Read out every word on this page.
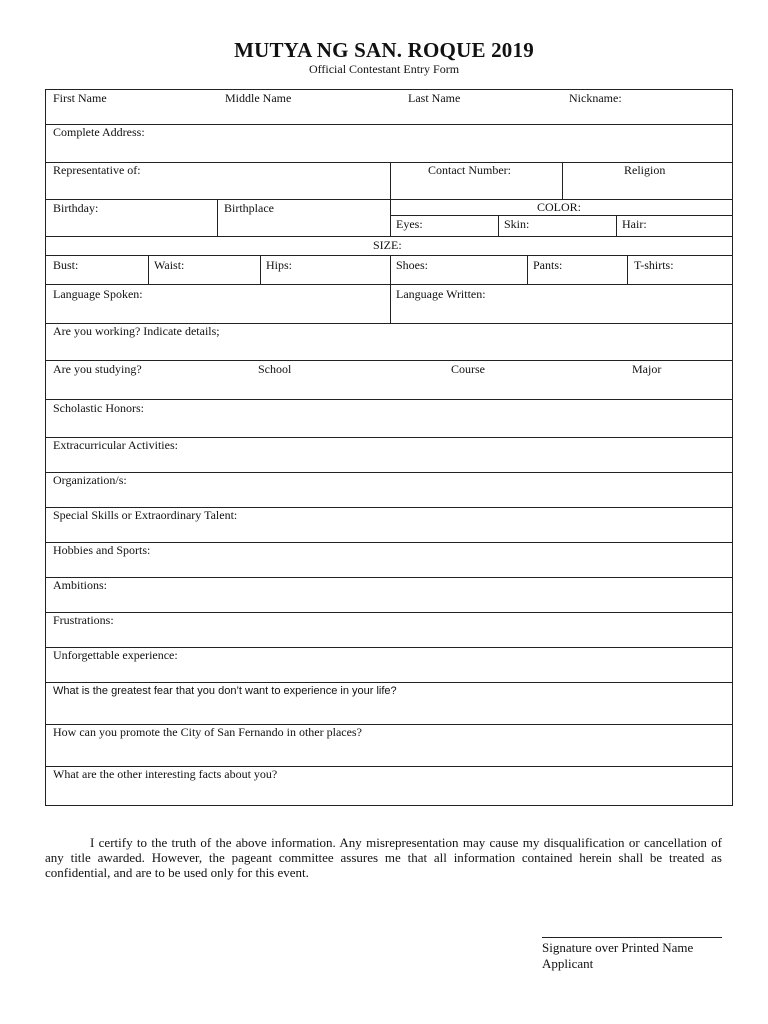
MUTYA NG SAN. ROQUE 2019
Official Contestant Entry Form
First Name	Middle Name	Last Name	Nickname:
Complete Address:
Representative of:	Contact Number:	Religion
Birthday:	Birthplace	COLOR:
Eyes:	Skin:	Hair:
SIZE:
Bust:	Waist:	Hips:	Shoes:	Pants:	T-shirts:
Language Spoken:	Language Written:
Are you working? Indicate details;
Are you studying?	School	Course	Major
Scholastic Honors:
Extracurricular Activities:
Organization/s:
Special Skills or Extraordinary Talent:
Hobbies and Sports:
Ambitions:
Frustrations:
Unforgettable experience:
What is the greatest fear that you don’t want to experience in your life?
How can you promote the City of San Fernando in other places?
What are the other interesting facts about you?
I certify to the truth of the above information. Any misrepresentation may cause my disqualification or cancellation of any title awarded. However, the pageant committee assures me that all information contained herein shall be treated as confidential, and are to be used only for this event.
Signature over Printed Name
Applicant
